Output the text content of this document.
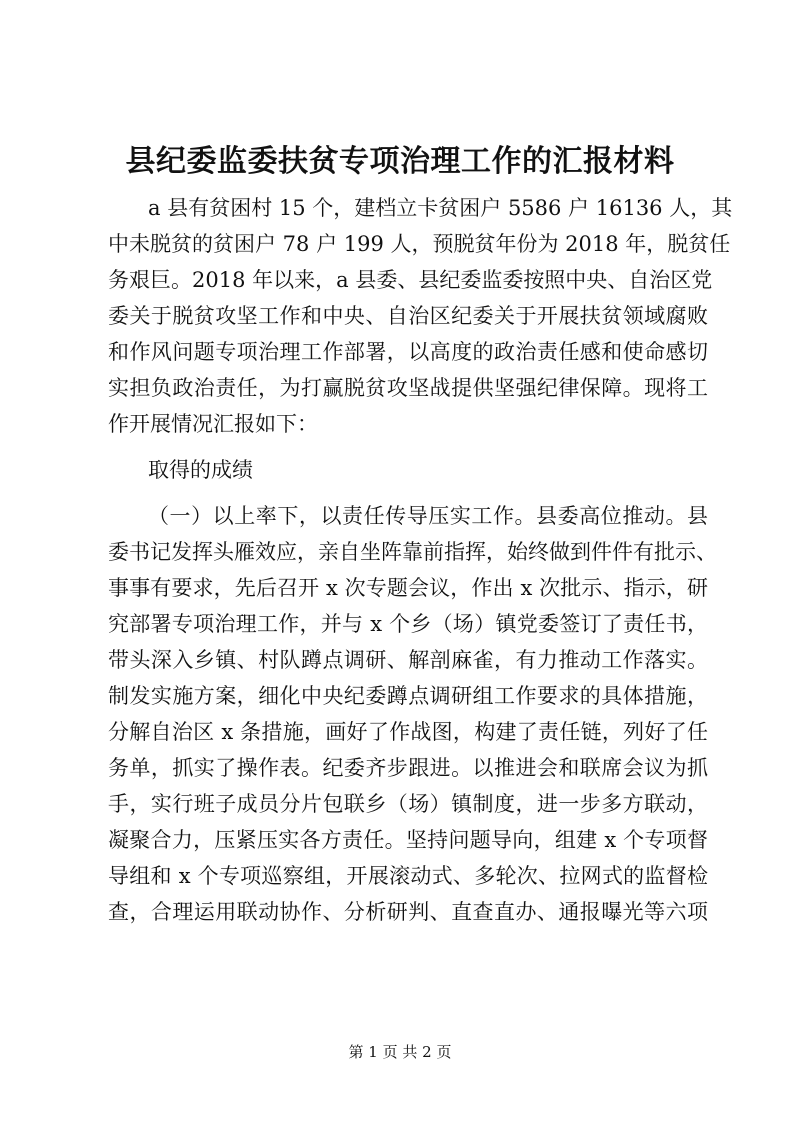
县纪委监委扶贫专项治理工作的汇报材料
a 县有贫困村 15 个，建档立卡贫困户 5586 户 16136 人，其
中未脱贫的贫困户 78 户 199 人，预脱贫年份为 2018 年，脱贫任
务艰巨。2018 年以来，a 县委、县纪委监委按照中央、自治区党
委关于脱贫攻坚工作和中央、自治区纪委关于开展扶贫领域腐败
和作风问题专项治理工作部署，以高度的政治责任感和使命感切
实担负政治责任，为打赢脱贫攻坚战提供坚强纪律保障。现将工
作开展情况汇报如下：
取得的成绩
（一）以上率下，以责任传导压实工作。县委高位推动。县
委书记发挥头雁效应，亲自坐阵靠前指挥，始终做到件件有批示、
事事有要求，先后召开 x 次专题会议，作出 x 次批示、指示，研
究部署专项治理工作，并与 x 个乡（场）镇党委签订了责任书，
带头深入乡镇、村队蹲点调研、解剖麻雀，有力推动工作落实。
制发实施方案，细化中央纪委蹲点调研组工作要求的具体措施，
分解自治区 x 条措施，画好了作战图，构建了责任链，列好了任
务单，抓实了操作表。纪委齐步跟进。以推进会和联席会议为抓
手，实行班子成员分片包联乡（场）镇制度，进一步多方联动，
凝聚合力，压紧压实各方责任。坚持问题导向，组建 x 个专项督
导组和 x 个专项巡察组，开展滚动式、多轮次、拉网式的监督检
查，合理运用联动协作、分析研判、直查直办、通报曝光等六项
第 1 页 共 2 页
